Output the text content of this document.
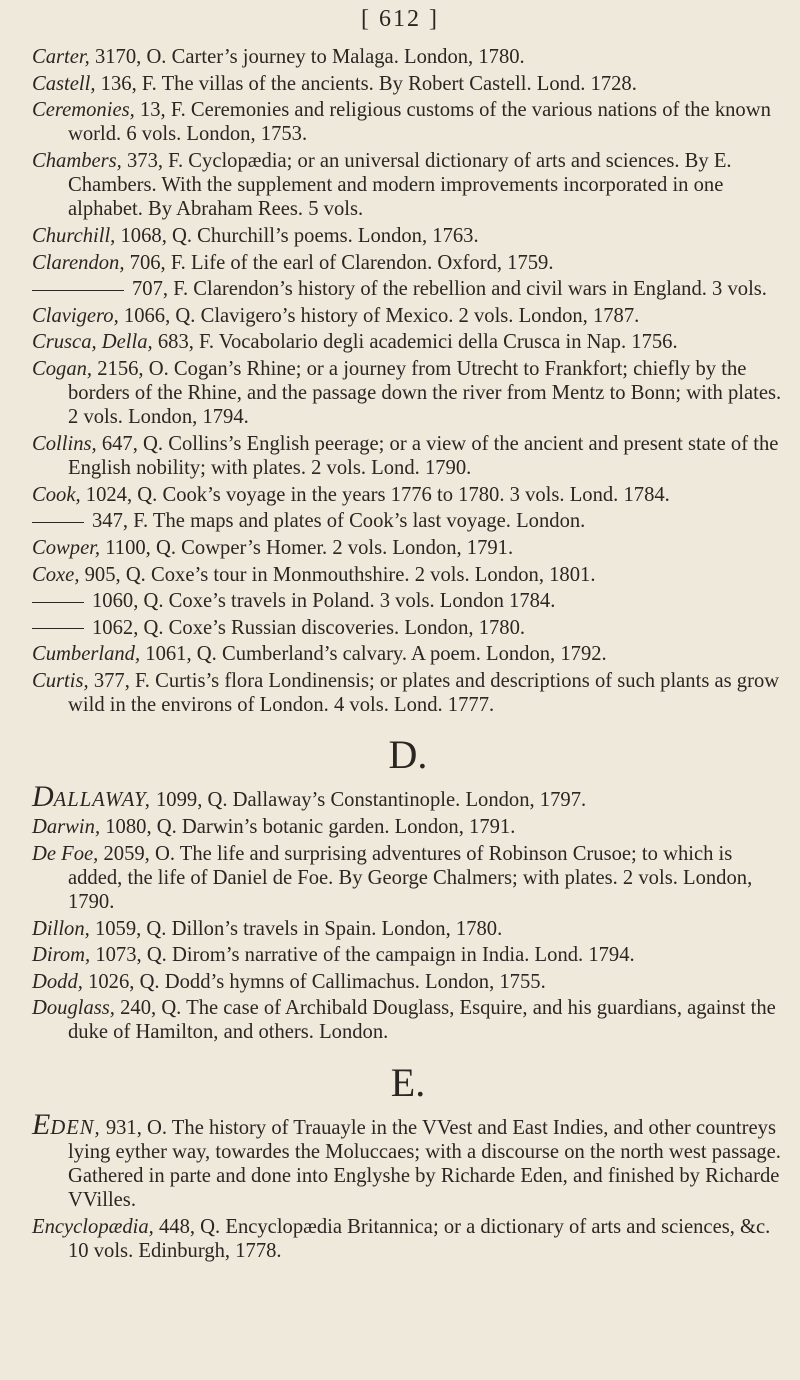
[ 612 ]

Carter, 3170, O. Carter’s journey to Malaga. London, 1780.

Castell, 136, F. The villas of the ancients. By Robert Castell. Lond. 1728.

Ceremonies, 13, F. Ceremonies and religious customs of the various nations of the known world. 6 vols. London, 1753.

Chambers, 373, F. Cyclopædia; or an universal dictionary of arts and sciences. By E. Chambers. With the supplement and modern improvements incorporated in one alphabet. By Abraham Rees. 5 vols.

Churchill, 1068, Q. Churchill’s poems. London, 1763.

Clarendon, 706, F. Life of the earl of Clarendon. Oxford, 1759.

707, F. Clarendon’s history of the rebellion and civil wars in England. 3 vols.

Clavigero, 1066, Q. Clavigero’s history of Mexico. 2 vols. London, 1787.

Crusca, Della, 683, F. Vocabolario degli academici della Crusca in Nap. 1756.

Cogan, 2156, O. Cogan’s Rhine; or a journey from Utrecht to Frankfort; chiefly by the borders of the Rhine, and the passage down the river from Mentz to Bonn; with plates. 2 vols. London, 1794.

Collins, 647, Q. Collins’s English peerage; or a view of the ancient and present state of the English nobility; with plates. 2 vols. Lond. 1790.

Cook, 1024, Q. Cook’s voyage in the years 1776 to 1780. 3 vols. Lond. 1784.

347, F. The maps and plates of Cook’s last voyage. London.

Cowper, 1100, Q. Cowper’s Homer. 2 vols. London, 1791.

Coxe, 905, Q. Coxe’s tour in Monmouthshire. 2 vols. London, 1801.

1060, Q. Coxe’s travels in Poland. 3 vols. London 1784.

1062, Q. Coxe’s Russian discoveries. London, 1780.

Cumberland, 1061, Q. Cumberland’s calvary. A poem. London, 1792.

Curtis, 377, F. Curtis’s flora Londinensis; or plates and descriptions of such plants as grow wild in the environs of London. 4 vols. Lond. 1777.

D.

DALLAWAY, 1099, Q. Dallaway’s Constantinople. London, 1797.

Darwin, 1080, Q. Darwin’s botanic garden. London, 1791.

De Foe, 2059, O. The life and surprising adventures of Robinson Crusoe; to which is added, the life of Daniel de Foe. By George Chalmers; with plates. 2 vols. London, 1790.

Dillon, 1059, Q. Dillon’s travels in Spain. London, 1780.

Dirom, 1073, Q. Dirom’s narrative of the campaign in India. Lond. 1794.

Dodd, 1026, Q. Dodd’s hymns of Callimachus. London, 1755.

Douglass, 240, Q. The case of Archibald Douglass, Esquire, and his guardians, against the duke of Hamilton, and others. London.

E.

EDEN, 931, O. The history of Trauayle in the VVest and East Indies, and other countreys lying eyther way, towardes the Moluccaes; with a discourse on the north west passage. Gathered in parte and done into Englyshe by Richarde Eden, and finished by Richarde VVilles.

Encyclopædia, 448, Q. Encyclopædia Britannica; or a dictionary of arts and sciences, &c. 10 vols. Edinburgh, 1778.
